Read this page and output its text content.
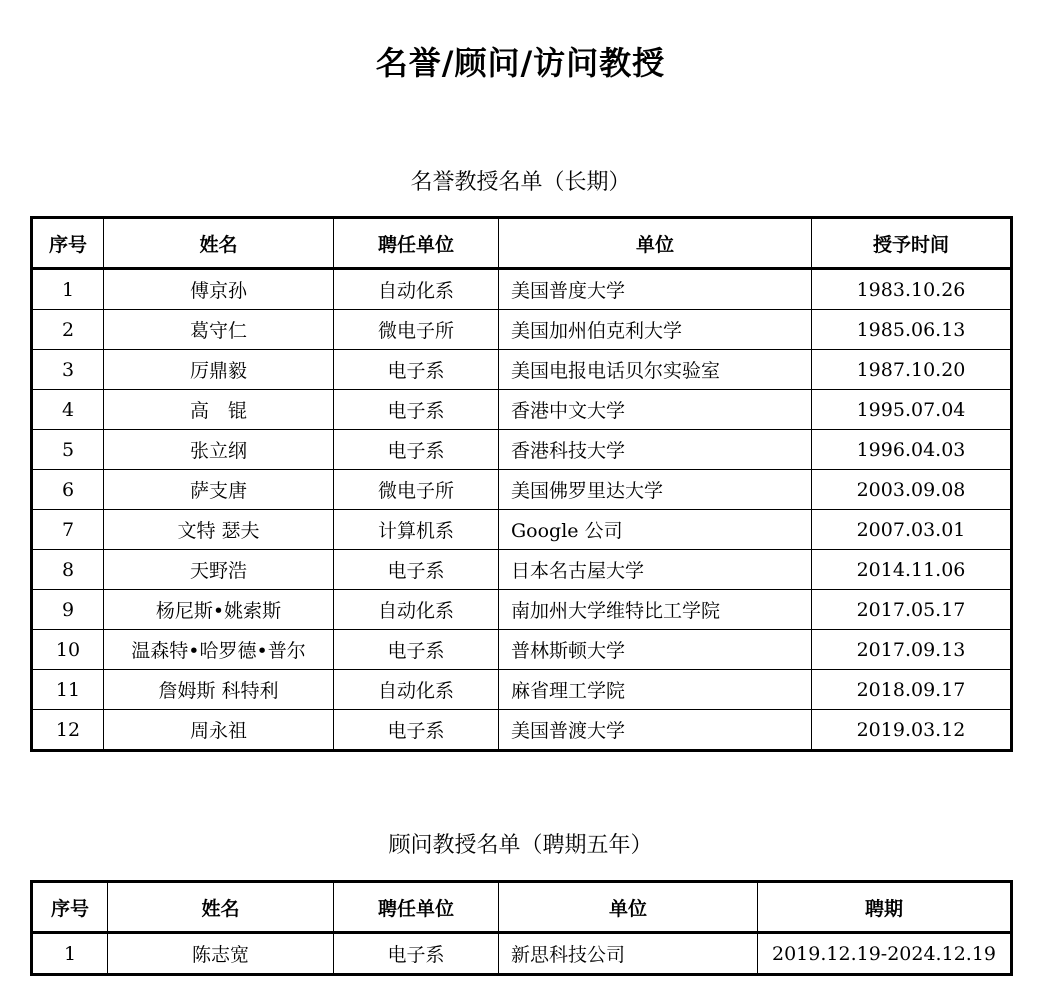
名誉/顾问/访问教授
名誉教授名单（长期）
序号	姓名	聘任单位	单位	授予时间
1	傅京孙	自动化系	美国普度大学	1983.10.26
2	葛守仁	微电子所	美国加州伯克利大学	1985.06.13
3	厉鼎毅	电子系	美国电报电话贝尔实验室	1987.10.20
4	高　锟	电子系	香港中文大学	1995.07.04
5	张立纲	电子系	香港科技大学	1996.04.03
6	萨支唐	微电子所	美国佛罗里达大学	2003.09.08
7	文特 瑟夫	计算机系	Google 公司	2007.03.01
8	天野浩	电子系	日本名古屋大学	2014.11.06
9	杨尼斯•姚索斯	自动化系	南加州大学维特比工学院	2017.05.17
10	温森特•哈罗德•普尔	电子系	普林斯顿大学	2017.09.13
11	詹姆斯 科特利	自动化系	麻省理工学院	2018.09.17
12	周永祖	电子系	美国普渡大学	2019.03.12
顾问教授名单（聘期五年）
序号	姓名	聘任单位	单位	聘期
1	陈志宽	电子系	新思科技公司	2019.12.19-2024.12.19
